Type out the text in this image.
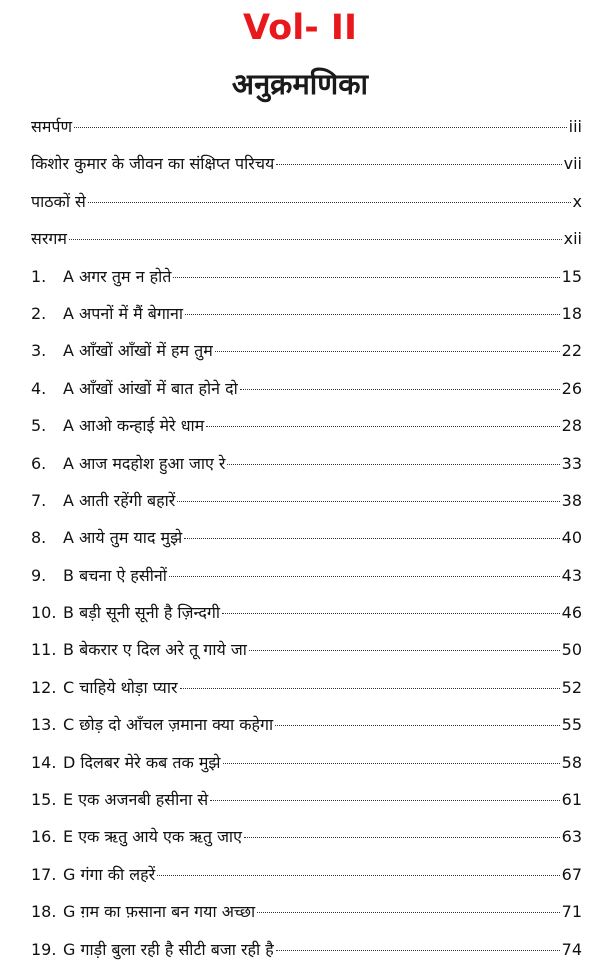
Vol- II
अनुक्रमणिका
समर्पण	iii
किशोर कुमार के जीवन का संक्षिप्त परिचय	vii
पाठकों से	x
सरगम	xii
1.	A अगर तुम न होते	15
2.	A अपनों में मैं बेगाना	18
3.	A आँखों आँखों में हम तुम	22
4.	A आँखों आंखों में बात होने दो	26
5.	A आओ कन्हाई मेरे धाम	28
6.	A आज मदहोश हुआ जाए रे	33
7.	A आती रहेंगी बहारें	38
8.	A आये तुम याद मुझे	40
9.	B बचना ऐ हसीनों	43
10. B बड़ी सूनी सूनी है ज़िन्दगी	46
11. B बेकरार ए दिल अरे तू गाये जा	50
12. C चाहिये थोड़ा प्यार	52
13. C छोड़ दो आँचल ज़माना क्या कहेगा	55
14. D दिलबर मेरे कब तक मुझे	58
15. E एक अजनबी हसीना से	61
16. E एक ऋतु आये एक ऋतु जाए	63
17. G गंगा की लहरें	67
18. G ग़म का फ़साना बन गया अच्छा	71
19. G गाड़ी बुला रही है सीटी बजा रही है	74
